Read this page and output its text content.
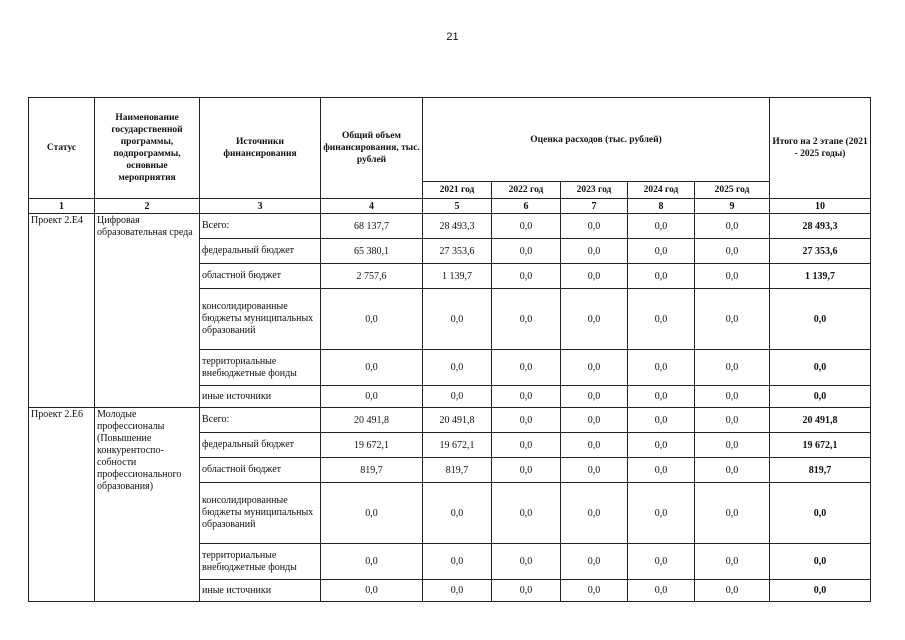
21
Статус	Наименование государственной программы, подпрограммы, основные мероприятия	Источники финансирования	Общий объем финансирования, тыс. рублей	Оценка расходов (тыс. рублей)					Итого на 2 этапе (2021 - 2025 годы)
				2021 год	2022 год	2023 год	2024 год	2025 год	
1	2	3	4	5	6	7	8	9	10
Проект 2.Е4	Цифровая образовательная среда	Всего:	68 137,7	28 493,3	0,0	0,0	0,0	0,0	28 493,3
		федеральный бюджет	65 380,1	27 353,6	0,0	0,0	0,0	0,0	27 353,6
		областной бюджет	2 757,6	1 139,7	0,0	0,0	0,0	0,0	1 139,7
		консолидированные бюджеты муниципальных образований	0,0	0,0	0,0	0,0	0,0	0,0	0,0
		территориальные внебюджетные фонды	0,0	0,0	0,0	0,0	0,0	0,0	0,0
		иные источники	0,0	0,0	0,0	0,0	0,0	0,0	0,0
Проект 2.Е6	Молодые профессионалы (Повышение конкурентоспо-собности профессионального образования)	Всего:	20 491,8	20 491,8	0,0	0,0	0,0	0,0	20 491,8
		федеральный бюджет	19 672,1	19 672,1	0,0	0,0	0,0	0,0	19 672,1
		областной бюджет	819,7	819,7	0,0	0,0	0,0	0,0	819,7
		консолидированные бюджеты муниципальных образований	0,0	0,0	0,0	0,0	0,0	0,0	0,0
		территориальные внебюджетные фонды	0,0	0,0	0,0	0,0	0,0	0,0	0,0
		иные источники	0,0	0,0	0,0	0,0	0,0	0,0	0,0
